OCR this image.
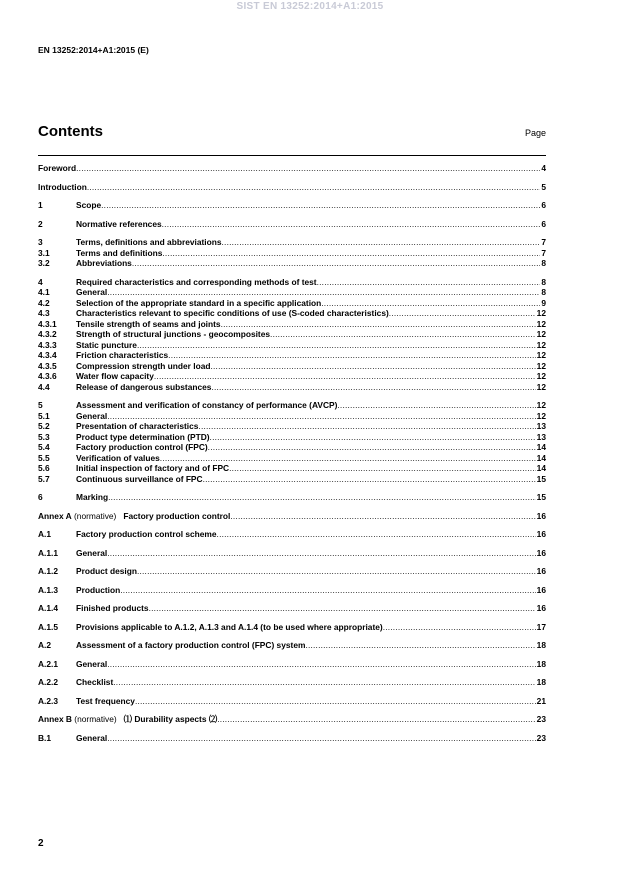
SIST EN 13252:2014+A1:2015
EN 13252:2014+A1:2015 (E)
Contents	Page
Foreword .....	4
Introduction .....	5
1	Scope .....	6
2	Normative references .....	6
3	Terms, definitions and abbreviations .....	7
3.1	Terms and definitions .....	7
3.2	Abbreviations .....	8
4	Required characteristics and corresponding methods of test .....	8
4.1	General .....	8
4.2	Selection of the appropriate standard in a specific application .....	9
4.3	Characteristics relevant to specific conditions of use (S-coded characteristics) .....	12
4.3.1	Tensile strength of seams and joints .....	12
4.3.2	Strength of structural junctions - geocomposites .....	12
4.3.3	Static puncture .....	12
4.3.4	Friction characteristics .....	12
4.3.5	Compression strength under load .....	12
4.3.6	Water flow capacity .....	12
4.4	Release of dangerous substances .....	12
5	Assessment and verification of constancy of performance (AVCP) .....	12
5.1	General .....	12
5.2	Presentation of characteristics .....	13
5.3	Product type determination (PTD) .....	13
5.4	Factory production control (FPC) .....	14
5.5	Verification of values .....	14
5.6	Initial inspection of factory and of FPC .....	14
5.7	Continuous surveillance of FPC .....	15
6	Marking .....	15
Annex A (normative) Factory production control .....	16
A.1	Factory production control scheme .....	16
A.1.1	General .....	16
A.1.2	Product design .....	16
A.1.3	Production .....	16
A.1.4	Finished products .....	16
A.1.5	Provisions applicable to A.1.2, A.1.3 and A.1.4 (to be used where appropriate) .....	17
A.2	Assessment of a factory production control (FPC) system .....	18
A.2.1	General .....	18
A.2.2	Checklist .....	18
A.2.3	Test frequency .....	21
Annex B (normative) ⑴ Durability aspects ⑵ .....	23
B.1	General .....	23
2
